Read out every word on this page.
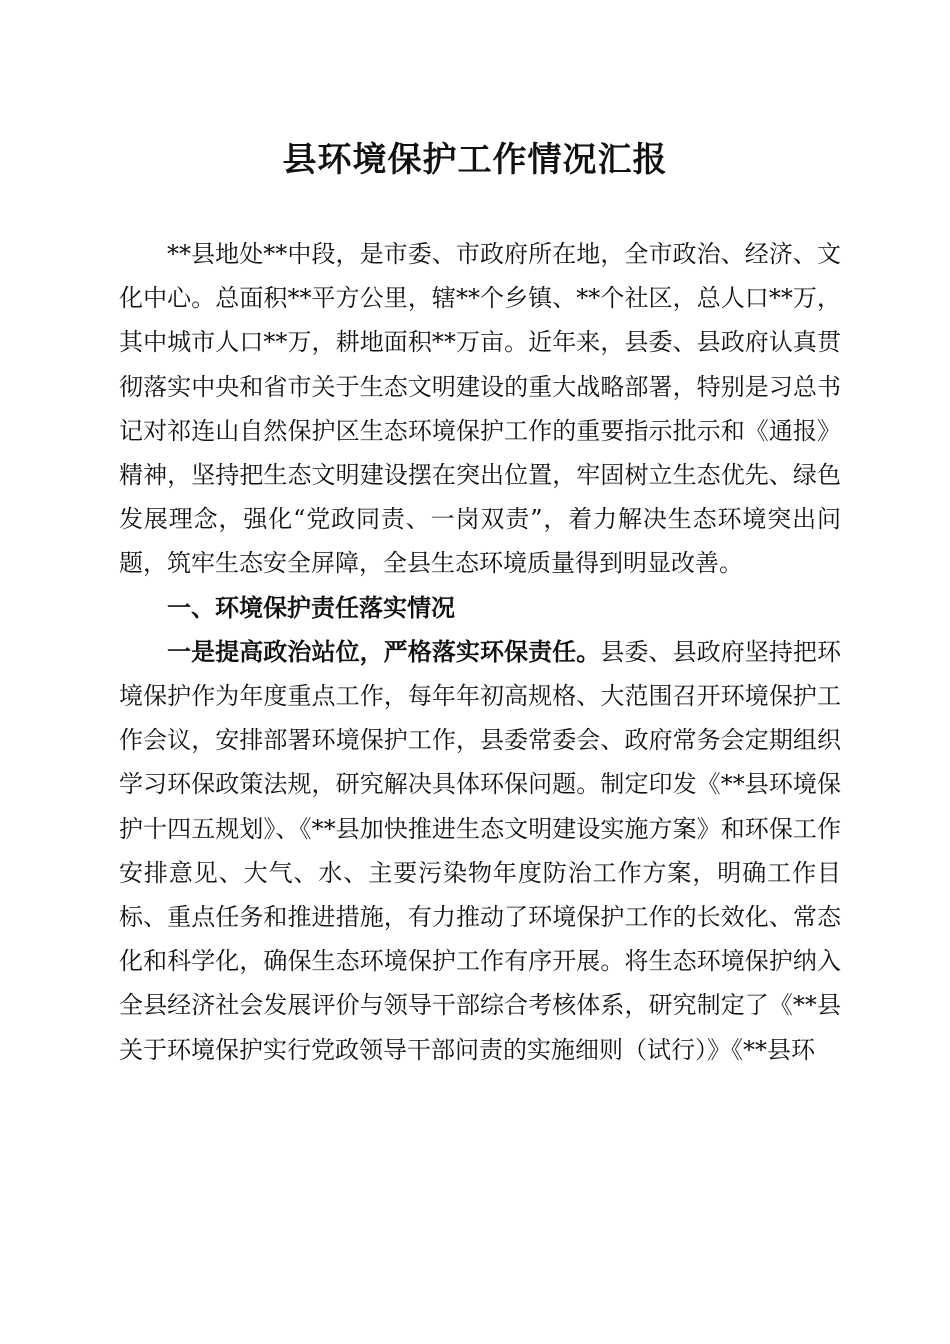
县环境保护工作情况汇报

**县地处**中段，是市委、市政府所在地，全市政治、经济、文化中心。总面积**平方公里，辖**个乡镇、**个社区，总人口**万，其中城市人口**万，耕地面积**万亩。近年来，县委、县政府认真贯彻落实中央和省市关于生态文明建设的重大战略部署，特别是习总书记对祁连山自然保护区生态环境保护工作的重要指示批示和《通报》精神，坚持把生态文明建设摆在突出位置，牢固树立生态优先、绿色发展理念，强化“党政同责、一岗双责”，着力解决生态环境突出问题，筑牢生态安全屏障，全县生态环境质量得到明显改善。

一、环境保护责任落实情况

一是提高政治站位，严格落实环保责任。县委、县政府坚持把环境保护作为年度重点工作，每年年初高规格、大范围召开环境保护工作会议，安排部署环境保护工作，县委常委会、政府常务会定期组织学习环保政策法规，研究解决具体环保问题。制定印发《**县环境保护十四五规划》、《**县加快推进生态文明建设实施方案》和环保工作安排意见、大气、水、主要污染物年度防治工作方案，明确工作目标、重点任务和推进措施，有力推动了环境保护工作的长效化、常态化和科学化，确保生态环境保护工作有序开展。将生态环境保护纳入全县经济社会发展评价与领导干部综合考核体系，研究制定了《**县关于环境保护实行党政领导干部问责的实施细则（试行）》《**县环
